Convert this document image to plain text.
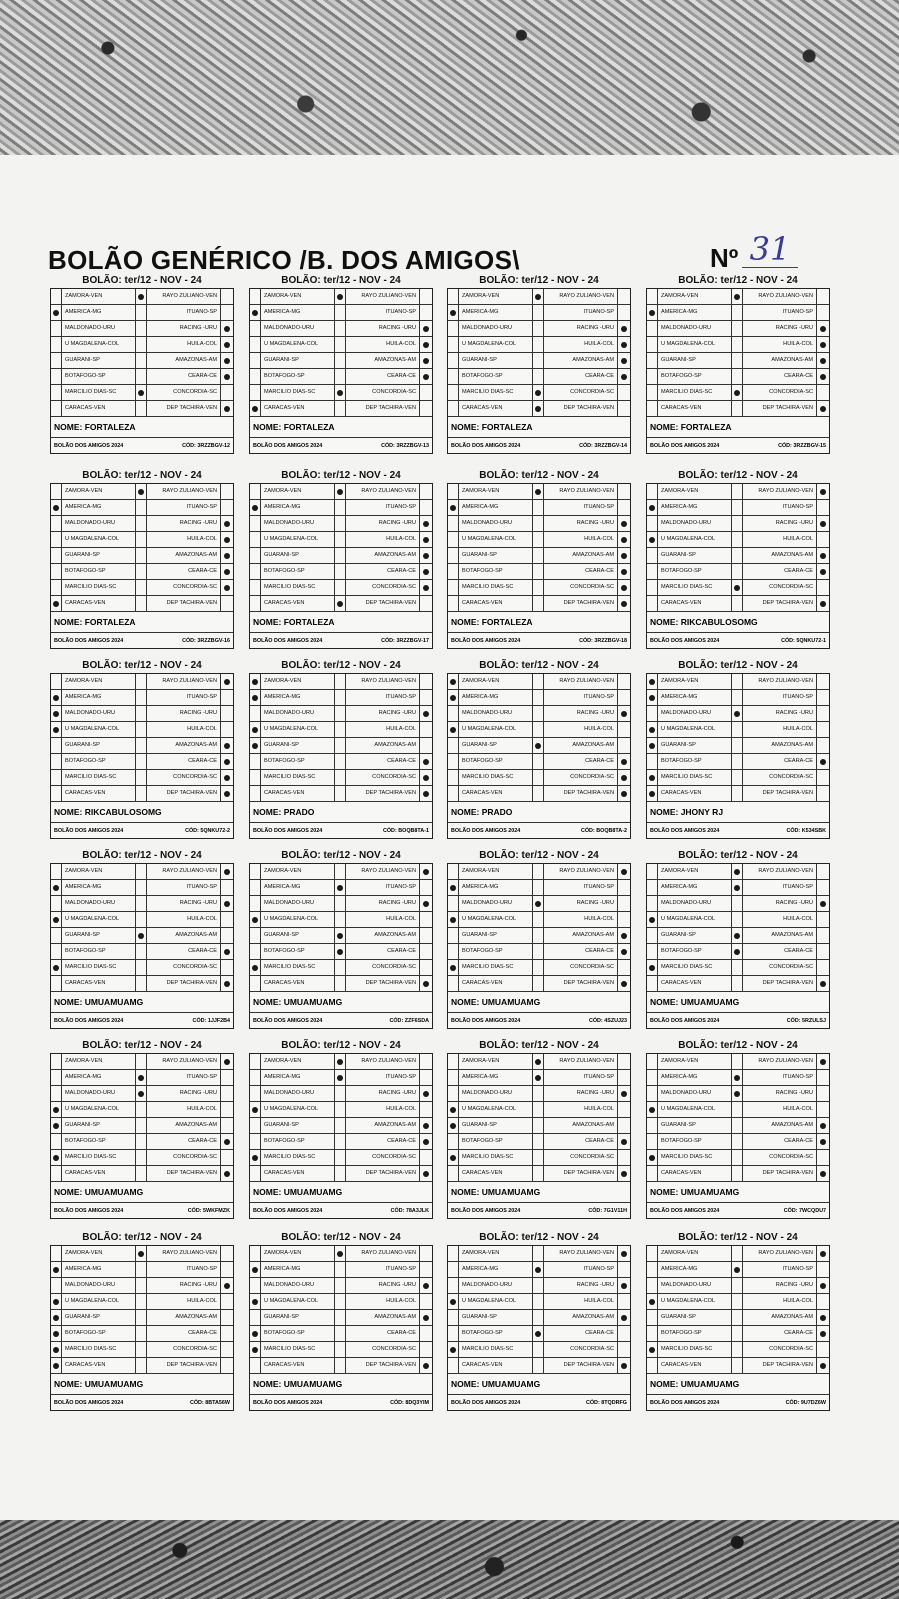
BOLÃO GENÉRICO /B. DOS AMIGOS\	Nº 31
BOLÃO: ter/12 - NOV - 24
ZAMORA-VEN	RAYO ZULIANO-VEN
AMERICA-MG	ITUANO-SP
MALDONADO-URU	RACING -URU
U MAGDALENA-COL	HUILA-COL
GUARANI-SP	AMAZONAS-AM
BOTAFOGO-SP	CEARA-CE
MARCILIO DIAS-SC	CONCORDIA-SC
CARACAS-VEN	DEP TACHIRA-VEN
NOME: FORTALEZA
BOLÃO DOS AMIGOS 2024	CÓD: 3RZZBGV-12
BOLÃO: ter/12 - NOV - 24
ZAMORA-VEN	RAYO ZULIANO-VEN
AMERICA-MG	ITUANO-SP
MALDONADO-URU	RACING -URU
U MAGDALENA-COL	HUILA-COL
GUARANI-SP	AMAZONAS-AM
BOTAFOGO-SP	CEARA-CE
MARCILIO DIAS-SC	CONCORDIA-SC
CARACAS-VEN	DEP TACHIRA-VEN
NOME: FORTALEZA
BOLÃO DOS AMIGOS 2024	CÓD: 3RZZBGV-13
BOLÃO: ter/12 - NOV - 24
ZAMORA-VEN	RAYO ZULIANO-VEN
AMERICA-MG	ITUANO-SP
MALDONADO-URU	RACING -URU
U MAGDALENA-COL	HUILA-COL
GUARANI-SP	AMAZONAS-AM
BOTAFOGO-SP	CEARA-CE
MARCILIO DIAS-SC	CONCORDIA-SC
CARACAS-VEN	DEP TACHIRA-VEN
NOME: FORTALEZA
BOLÃO DOS AMIGOS 2024	CÓD: 3RZZBGV-14
BOLÃO: ter/12 - NOV - 24
ZAMORA-VEN	RAYO ZULIANO-VEN
AMERICA-MG	ITUANO-SP
MALDONADO-URU	RACING -URU
U MAGDALENA-COL	HUILA-COL
GUARANI-SP	AMAZONAS-AM
BOTAFOGO-SP	CEARA-CE
MARCILIO DIAS-SC	CONCORDIA-SC
CARACAS-VEN	DEP TACHIRA-VEN
NOME: FORTALEZA
BOLÃO DOS AMIGOS 2024	CÓD: 3RZZBGV-15
BOLÃO: ter/12 - NOV - 24
ZAMORA-VEN	RAYO ZULIANO-VEN
AMERICA-MG	ITUANO-SP
MALDONADO-URU	RACING -URU
U MAGDALENA-COL	HUILA-COL
GUARANI-SP	AMAZONAS-AM
BOTAFOGO-SP	CEARA-CE
MARCILIO DIAS-SC	CONCORDIA-SC
CARACAS-VEN	DEP TACHIRA-VEN
NOME: FORTALEZA
BOLÃO DOS AMIGOS 2024	CÓD: 3RZZBGV-16
BOLÃO: ter/12 - NOV - 24
ZAMORA-VEN	RAYO ZULIANO-VEN
AMERICA-MG	ITUANO-SP
MALDONADO-URU	RACING -URU
U MAGDALENA-COL	HUILA-COL
GUARANI-SP	AMAZONAS-AM
BOTAFOGO-SP	CEARA-CE
MARCILIO DIAS-SC	CONCORDIA-SC
CARACAS-VEN	DEP TACHIRA-VEN
NOME: FORTALEZA
BOLÃO DOS AMIGOS 2024	CÓD: 3RZZBGV-17
BOLÃO: ter/12 - NOV - 24
ZAMORA-VEN	RAYO ZULIANO-VEN
AMERICA-MG	ITUANO-SP
MALDONADO-URU	RACING -URU
U MAGDALENA-COL	HUILA-COL
GUARANI-SP	AMAZONAS-AM
BOTAFOGO-SP	CEARA-CE
MARCILIO DIAS-SC	CONCORDIA-SC
CARACAS-VEN	DEP TACHIRA-VEN
NOME: FORTALEZA
BOLÃO DOS AMIGOS 2024	CÓD: 3RZZBGV-18
BOLÃO: ter/12 - NOV - 24
ZAMORA-VEN	RAYO ZULIANO-VEN
AMERICA-MG	ITUANO-SP
MALDONADO-URU	RACING -URU
U MAGDALENA-COL	HUILA-COL
GUARANI-SP	AMAZONAS-AM
BOTAFOGO-SP	CEARA-CE
MARCILIO DIAS-SC	CONCORDIA-SC
CARACAS-VEN	DEP TACHIRA-VEN
NOME: RIKCABULOSOMG
BOLÃO DOS AMIGOS 2024	CÓD: 5QNKU72-1
BOLÃO: ter/12 - NOV - 24
ZAMORA-VEN	RAYO ZULIANO-VEN
AMERICA-MG	ITUANO-SP
MALDONADO-URU	RACING -URU
U MAGDALENA-COL	HUILA-COL
GUARANI-SP	AMAZONAS-AM
BOTAFOGO-SP	CEARA-CE
MARCILIO DIAS-SC	CONCORDIA-SC
CARACAS-VEN	DEP TACHIRA-VEN
NOME: RIKCABULOSOMG
BOLÃO DOS AMIGOS 2024	CÓD: 5QNKU72-2
BOLÃO: ter/12 - NOV - 24
ZAMORA-VEN	RAYO ZULIANO-VEN
AMERICA-MG	ITUANO-SP
MALDONADO-URU	RACING -URU
U MAGDALENA-COL	HUILA-COL
GUARANI-SP	AMAZONAS-AM
BOTAFOGO-SP	CEARA-CE
MARCILIO DIAS-SC	CONCORDIA-SC
CARACAS-VEN	DEP TACHIRA-VEN
NOME: PRADO
BOLÃO DOS AMIGOS 2024	CÓD: BOQB8TA-1
BOLÃO: ter/12 - NOV - 24
ZAMORA-VEN	RAYO ZULIANO-VEN
AMERICA-MG	ITUANO-SP
MALDONADO-URU	RACING -URU
U MAGDALENA-COL	HUILA-COL
GUARANI-SP	AMAZONAS-AM
BOTAFOGO-SP	CEARA-CE
MARCILIO DIAS-SC	CONCORDIA-SC
CARACAS-VEN	DEP TACHIRA-VEN
NOME: PRADO
BOLÃO DOS AMIGOS 2024	CÓD: BOQB8TA-2
BOLÃO: ter/12 - NOV - 24
ZAMORA-VEN	RAYO ZULIANO-VEN
AMERICA-MG	ITUANO-SP
MALDONADO-URU	RACING -URU
U MAGDALENA-COL	HUILA-COL
GUARANI-SP	AMAZONAS-AM
BOTAFOGO-SP	CEARA-CE
MARCILIO DIAS-SC	CONCORDIA-SC
CARACAS-VEN	DEP TACHIRA-VEN
NOME: JHONY RJ
BOLÃO DOS AMIGOS 2024	CÓD: K534SBK
BOLÃO: ter/12 - NOV - 24
ZAMORA-VEN	RAYO ZULIANO-VEN
AMERICA-MG	ITUANO-SP
MALDONADO-URU	RACING -URU
U MAGDALENA-COL	HUILA-COL
GUARANI-SP	AMAZONAS-AM
BOTAFOGO-SP	CEARA-CE
MARCILIO DIAS-SC	CONCORDIA-SC
CARACAS-VEN	DEP TACHIRA-VEN
NOME: UMUAMUAMG
BOLÃO DOS AMIGOS 2024	CÓD: 1JJF2B4
BOLÃO: ter/12 - NOV - 24
ZAMORA-VEN	RAYO ZULIANO-VEN
AMERICA-MG	ITUANO-SP
MALDONADO-URU	RACING -URU
U MAGDALENA-COL	HUILA-COL
GUARANI-SP	AMAZONAS-AM
BOTAFOGO-SP	CEARA-CE
MARCILIO DIAS-SC	CONCORDIA-SC
CARACAS-VEN	DEP TACHIRA-VEN
NOME: UMUAMUAMG
BOLÃO DOS AMIGOS 2024	CÓD: ZZF6SDA
BOLÃO: ter/12 - NOV - 24
ZAMORA-VEN	RAYO ZULIANO-VEN
AMERICA-MG	ITUANO-SP
MALDONADO-URU	RACING -URU
U MAGDALENA-COL	HUILA-COL
GUARANI-SP	AMAZONAS-AM
BOTAFOGO-SP	CEARA-CE
MARCILIO DIAS-SC	CONCORDIA-SC
CARACAS-VEN	DEP TACHIRA-VEN
NOME: UMUAMUAMG
BOLÃO DOS AMIGOS 2024	CÓD: 4SZUJ23
BOLÃO: ter/12 - NOV - 24
ZAMORA-VEN	RAYO ZULIANO-VEN
AMERICA-MG	ITUANO-SP
MALDONADO-URU	RACING -URU
U MAGDALENA-COL	HUILA-COL
GUARANI-SP	AMAZONAS-AM
BOTAFOGO-SP	CEARA-CE
MARCILIO DIAS-SC	CONCORDIA-SC
CARACAS-VEN	DEP TACHIRA-VEN
NOME: UMUAMUAMG
BOLÃO DOS AMIGOS 2024	CÓD: 5RZULSJ
BOLÃO: ter/12 - NOV - 24
ZAMORA-VEN	RAYO ZULIANO-VEN
AMERICA-MG	ITUANO-SP
MALDONADO-URU	RACING -URU
U MAGDALENA-COL	HUILA-COL
GUARANI-SP	AMAZONAS-AM
BOTAFOGO-SP	CEARA-CE
MARCILIO DIAS-SC	CONCORDIA-SC
CARACAS-VEN	DEP TACHIRA-VEN
NOME: UMUAMUAMG
BOLÃO DOS AMIGOS 2024	CÓD: 5WKFMZK
BOLÃO: ter/12 - NOV - 24
ZAMORA-VEN	RAYO ZULIANO-VEN
AMERICA-MG	ITUANO-SP
MALDONADO-URU	RACING -URU
U MAGDALENA-COL	HUILA-COL
GUARANI-SP	AMAZONAS-AM
BOTAFOGO-SP	CEARA-CE
MARCILIO DIAS-SC	CONCORDIA-SC
CARACAS-VEN	DEP TACHIRA-VEN
NOME: UMUAMUAMG
BOLÃO DOS AMIGOS 2024	CÓD: 78A3JLK
BOLÃO: ter/12 - NOV - 24
ZAMORA-VEN	RAYO ZULIANO-VEN
AMERICA-MG	ITUANO-SP
MALDONADO-URU	RACING -URU
U MAGDALENA-COL	HUILA-COL
GUARANI-SP	AMAZONAS-AM
BOTAFOGO-SP	CEARA-CE
MARCILIO DIAS-SC	CONCORDIA-SC
CARACAS-VEN	DEP TACHIRA-VEN
NOME: UMUAMUAMG
BOLÃO DOS AMIGOS 2024	CÓD: 7G1V11H
BOLÃO: ter/12 - NOV - 24
ZAMORA-VEN	RAYO ZULIANO-VEN
AMERICA-MG	ITUANO-SP
MALDONADO-URU	RACING -URU
U MAGDALENA-COL	HUILA-COL
GUARANI-SP	AMAZONAS-AM
BOTAFOGO-SP	CEARA-CE
MARCILIO DIAS-SC	CONCORDIA-SC
CARACAS-VEN	DEP TACHIRA-VEN
NOME: UMUAMUAMG
BOLÃO DOS AMIGOS 2024	CÓD: 7WCQDU7
BOLÃO: ter/12 - NOV - 24
ZAMORA-VEN	RAYO ZULIANO-VEN
AMERICA-MG	ITUANO-SP
MALDONADO-URU	RACING -URU
U MAGDALENA-COL	HUILA-COL
GUARANI-SP	AMAZONAS-AM
BOTAFOGO-SP	CEARA-CE
MARCILIO DIAS-SC	CONCORDIA-SC
CARACAS-VEN	DEP TACHIRA-VEN
NOME: UMUAMUAMG
BOLÃO DOS AMIGOS 2024	CÓD: 8BTA56W
BOLÃO: ter/12 - NOV - 24
ZAMORA-VEN	RAYO ZULIANO-VEN
AMERICA-MG	ITUANO-SP
MALDONADO-URU	RACING -URU
U MAGDALENA-COL	HUILA-COL
GUARANI-SP	AMAZONAS-AM
BOTAFOGO-SP	CEARA-CE
MARCILIO DIAS-SC	CONCORDIA-SC
CARACAS-VEN	DEP TACHIRA-VEN
NOME: UMUAMUAMG
BOLÃO DOS AMIGOS 2024	CÓD: 8DQ3YIM
BOLÃO: ter/12 - NOV - 24
ZAMORA-VEN	RAYO ZULIANO-VEN
AMERICA-MG	ITUANO-SP
MALDONADO-URU	RACING -URU
U MAGDALENA-COL	HUILA-COL
GUARANI-SP	AMAZONAS-AM
BOTAFOGO-SP	CEARA-CE
MARCILIO DIAS-SC	CONCORDIA-SC
CARACAS-VEN	DEP TACHIRA-VEN
NOME: UMUAMUAMG
BOLÃO DOS AMIGOS 2024	CÓD: 8TQDRFG
BOLÃO: ter/12 - NOV - 24
ZAMORA-VEN	RAYO ZULIANO-VEN
AMERICA-MG	ITUANO-SP
MALDONADO-URU	RACING -URU
U MAGDALENA-COL	HUILA-COL
GUARANI-SP	AMAZONAS-AM
BOTAFOGO-SP	CEARA-CE
MARCILIO DIAS-SC	CONCORDIA-SC
CARACAS-VEN	DEP TACHIRA-VEN
NOME: UMUAMUAMG
BOLÃO DOS AMIGOS 2024	CÓD: 9U7DZ6W
